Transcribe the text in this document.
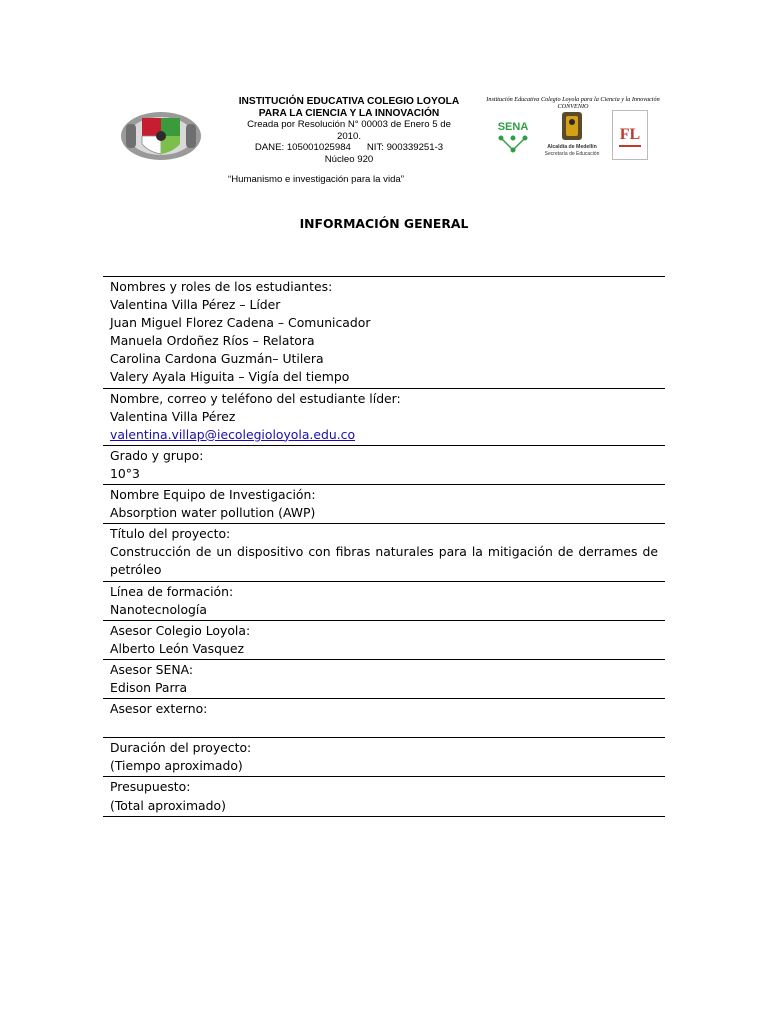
INSTITUCIÓN EDUCATIVA COLEGIO LOYOLA
PARA LA CIENCIA Y LA INNOVACIÓN
Creada por Resolución N° 00003 de Enero 5 de
2010.
DANE: 105001025984      NIT: 900339251-3
Núcleo 920
“Humanismo e investigación para la vida”
Institución Educativa Colegio Loyola para la Ciencia y la Innovación
CONVENIO
SENA
Alcaldía de Medellín
Secretaría de Educación
FL
INFORMACIÓN GENERAL
Nombres y roles de los estudiantes:
Valentina Villa Pérez – Líder
Juan Miguel Florez Cadena – Comunicador
Manuela Ordoñez Ríos – Relatora
Carolina Cardona Guzmán– Utilera
Valery Ayala Higuita – Vigía del tiempo
Nombre, correo y teléfono del estudiante líder:
Valentina Villa Pérez
valentina.villap@iecolegioloyola.edu.co
Grado y grupo:
10°3
Nombre Equipo de Investigación:
Absorption water pollution (AWP)
Título del proyecto:
Construcción de un dispositivo con fibras naturales para la mitigación de derrames de petróleo
Línea de formación:
Nanotecnología
Asesor Colegio Loyola:
Alberto León Vasquez
Asesor SENA:
Edison Parra
Asesor externo:
Duración del proyecto:
(Tiempo aproximado)
Presupuesto:
(Total aproximado)
